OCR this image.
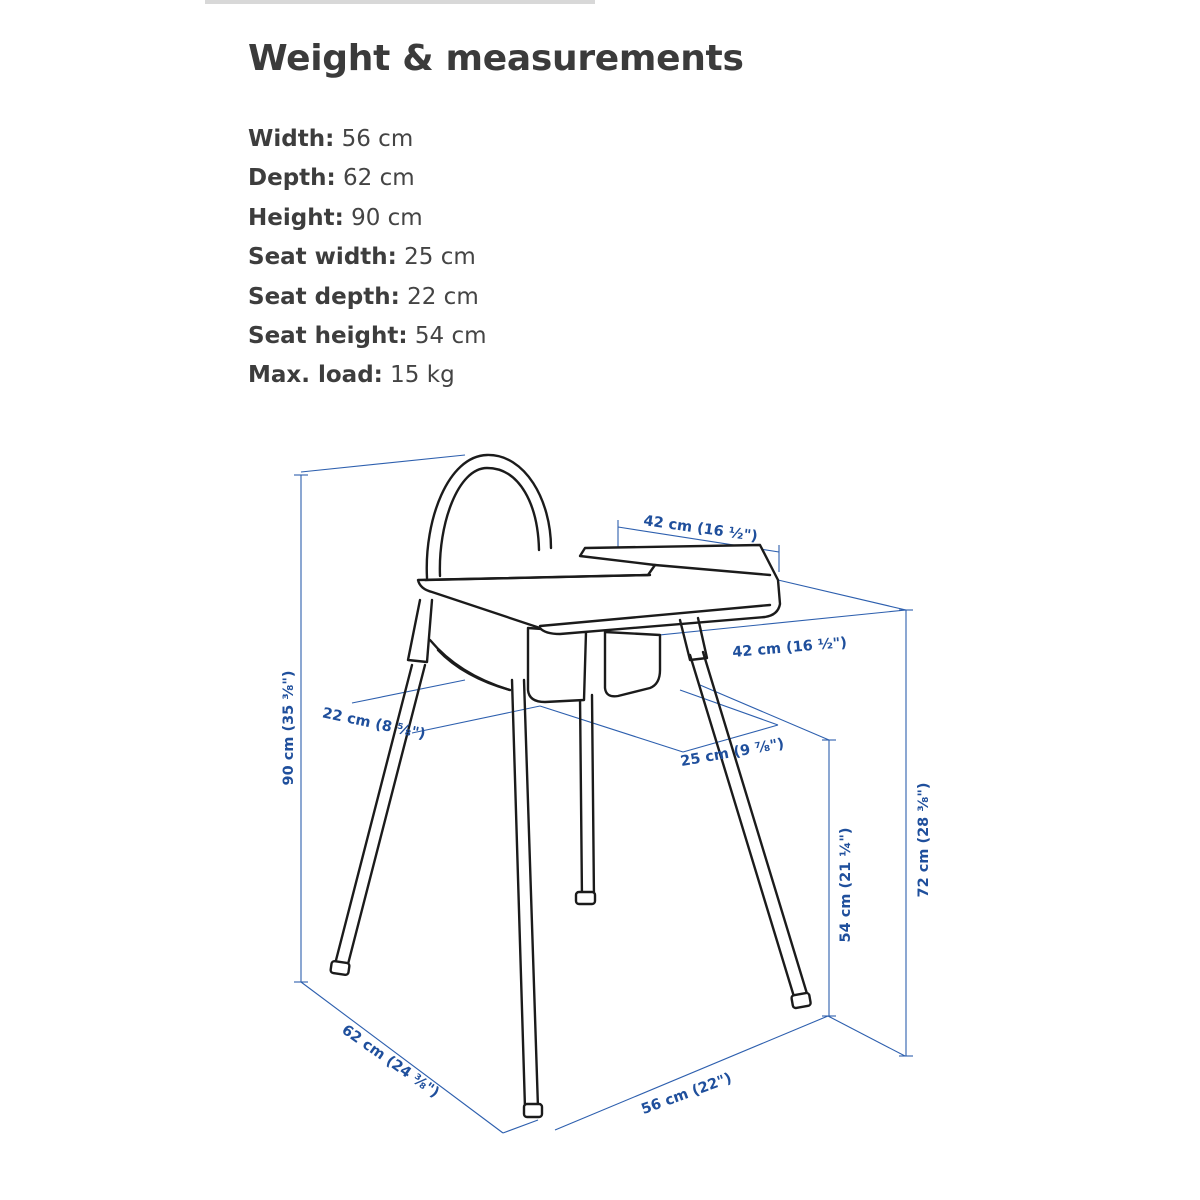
Weight & measurements
Width: 56 cm
Depth: 62 cm
Height: 90 cm
Seat width: 25 cm
Seat depth: 22 cm
Seat height: 54 cm
Max. load: 15 kg
90 cm (35 ⅜")
42 cm (16 ½")
42 cm (16 ½")
22 cm (8 ⅝")
25 cm (9 ⅞")
54 cm (21 ¼")	72 cm (28 ⅜")
62 cm (24 ⅜")	56 cm (22")
